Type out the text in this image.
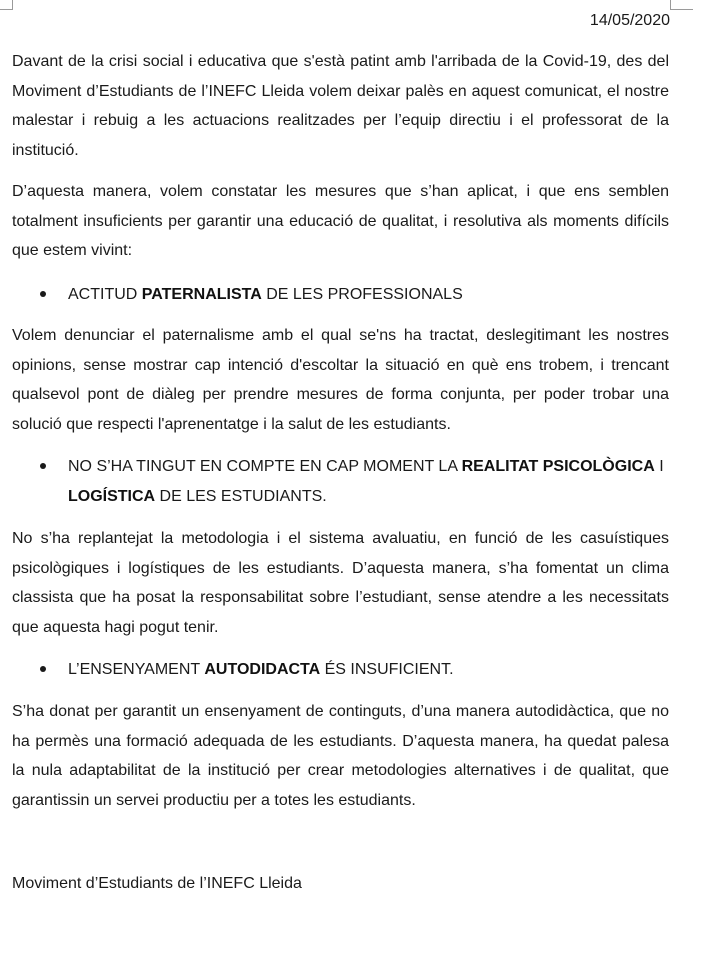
14/05/2020

Davant de la crisi social i educativa que s'està patint amb l'arribada de la Covid-19, des del Moviment d’Estudiants de l’INEFC Lleida volem deixar palès en aquest comunicat, el nostre malestar i rebuig a les actuacions realitzades per l’equip directiu i el professorat de la institució.

D’aquesta manera, volem constatar les mesures que s’han aplicat, i que ens semblen totalment insuficients per garantir una educació de qualitat, i resolutiva als moments difícils que estem vivint:

ACTITUD PATERNALISTA DE LES PROFESSIONALS

Volem denunciar el paternalisme amb el qual se'ns ha tractat, deslegitimant les nostres opinions, sense mostrar cap intenció d'escoltar la situació en què ens trobem, i trencant qualsevol pont de diàleg per prendre mesures de forma conjunta, per poder trobar una solució que respecti l'aprenentatge i la salut de les estudiants.

NO S’HA TINGUT EN COMPTE EN CAP MOMENT LA REALITAT PSICOLÒGICA I LOGÍSTICA DE LES ESTUDIANTS.

No s’ha replantejat la metodologia i el sistema avaluatiu, en funció de les casuístiques psicològiques i logístiques de les estudiants. D’aquesta manera, s’ha fomentat un clima classista que ha posat la responsabilitat sobre l’estudiant, sense atendre a les necessitats que aquesta hagi pogut tenir.

L’ENSENYAMENT AUTODIDACTA ÉS INSUFICIENT.

S’ha donat per garantit un ensenyament de continguts, d’una manera autodidàctica, que no ha permès una formació adequada de les estudiants. D’aquesta manera, ha quedat palesa la nula adaptabilitat de la institució per crear metodologies alternatives i de qualitat, que garantissin un servei productiu per a totes les estudiants.

Moviment d’Estudiants de l’INEFC Lleida
